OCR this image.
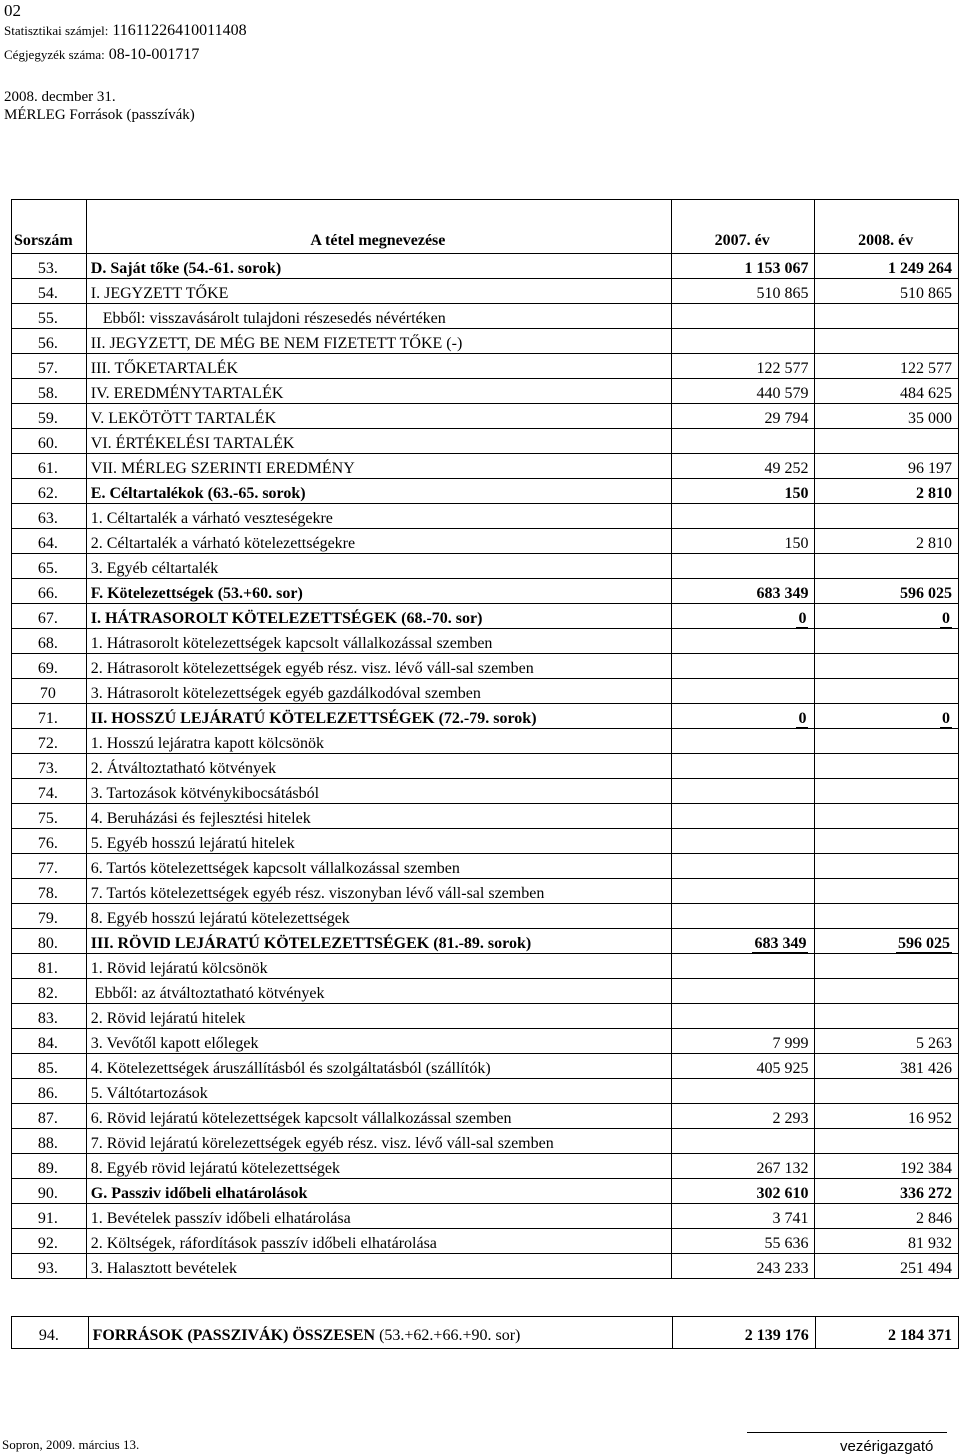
02
Statisztikai számjel: 11611226410011408
Cégjegyzék száma: 08-10-001717
2008. decmber 31.
MÉRLEG Források (passzívák)
Sorszám	A tétel megnevezése	2007. év	2008. év
53.	D. Saját tőke (54.-61. sorok)	1 153 067	1 249 264
54.	I. JEGYZETT TŐKE	510 865	510 865
55.	Ebből: visszavásárolt tulajdoni részesedés névértéken		
56.	II. JEGYZETT, DE MÉG BE NEM FIZETETT TŐKE (-)		
57.	III. TŐKETARTALÉK	122 577	122 577
58.	IV. EREDMÉNYTARTALÉK	440 579	484 625
59.	V. LEKÖTÖTT TARTALÉK	29 794	35 000
60.	VI. ÉRTÉKELÉSI TARTALÉK		
61.	VII. MÉRLEG SZERINTI EREDMÉNY	49 252	96 197
62.	E. Céltartalékok (63.-65. sorok)	150	2 810
63.	1. Céltartalék a várható veszteségekre		
64.	2. Céltartalék a várható kötelezettségekre	150	2 810
65.	3. Egyéb céltartalék		
66.	F. Kötelezettségek (53.+60. sor)	683 349	596 025
67.	I. HÁTRASOROLT KÖTELEZETTSÉGEK (68.-70. sor)	0	0
68.	1. Hátrasorolt kötelezettségek kapcsolt vállalkozással szemben		
69.	2. Hátrasorolt kötelezettségek egyéb rész. visz. lévő váll-sal szemben		
70	3. Hátrasorolt kötelezettségek egyéb gazdálkodóval szemben		
71.	II. HOSSZÚ LEJÁRATÚ KÖTELEZETTSÉGEK (72.-79. sorok)	0	0
72.	1. Hosszú lejáratra kapott kölcsönök		
73.	2. Átváltoztatható kötvények		
74.	3. Tartozások kötvénykibocsátásból		
75.	4. Beruházási és fejlesztési hitelek		
76.	5. Egyéb hosszú lejáratú hitelek		
77.	6. Tartós kötelezettségek kapcsolt vállalkozással szemben		
78.	7. Tartós kötelezettségek egyéb rész. viszonyban lévő váll-sal szemben		
79.	8. Egyéb hosszú lejáratú kötelezettségek		
80.	III. RÖVID LEJÁRATÚ KÖTELEZETTSÉGEK (81.-89. sorok)	683 349	596 025
81.	1. Rövid lejáratú kölcsönök		
82.	Ebből: az átváltoztatható kötvények		
83.	2. Rövid lejáratú hitelek		
84.	3. Vevőtől kapott előlegek	7 999	5 263
85.	4. Kötelezettségek áruszállításból és szolgáltatásból (szállítók)	405 925	381 426
86.	5. Váltótartozások		
87.	6. Rövid lejáratú kötelezettségek kapcsolt vállalkozással szemben	2 293	16 952
88.	7. Rövid lejáratú kӧrelezettségek egyéb rész. visz. lévő váll-sal szemben		
89.	8. Egyéb rövid lejáratú kötelezettségek	267 132	192 384
90.	G. Passziv időbeli elhatárolások	302 610	336 272
91.	1. Bevételek passzív időbeli elhatárolása	3 741	2 846
92.	2. Költségek, ráfordítások passzív időbeli elhatárolása	55 636	81 932
93.	3. Halasztott bevételek	243 233	251 494
94.	FORRÁSOK (PASSZIVÁK) ÖSSZESEN (53.+62.+66.+90. sor)	2 139 176	2 184 371
Sopron, 2009. március 13.	vezérigazgató
